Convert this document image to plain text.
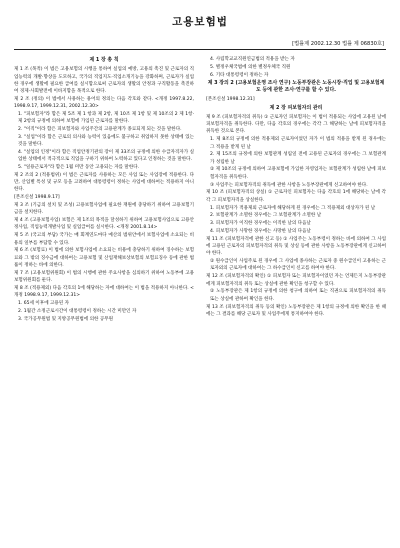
고용보험법
[법률제 2002.12.30 법률 제 06830호]
제 1 장 총 칙
제 1 조 (목적) 이 법은 고용보험의 시행을 통하여 실업의 예방, 고용의 촉진 및 근로자의 직업능력의 개발·향상을 도모하고, 국가의 직업지도·직업소개기능을 강화하며, 근로자가 실업한 경우에 생활에 필요한 급여를 실시함으로써 근로자의 생활의 안정과 구직활동을 촉진하여 경제·사회발전에 이바지함을 목적으로 한다.
제 2 조 (정의) 이 법에서 사용하는 용어의 정의는 다음 각호와 같다. <개정 1997.8.22, 1998.9.17, 1999.12.31, 2002.12.30>
1. "피보험자"라 함은 제 5조 제 1 항과 제 2항, 제 10조 제 1항 및 제 10조의 2 제 1항·제 2항의 규정에 의하여 보험에 가입된 근로자를 말한다.
2. "이직"이라 함은 피보험자와 사업주간의 고용관계가 종료되게 되는 것을 말한다.
3. "실업"이라 함은 근로의 의사와 능력이 있음에도 불구하고 취업하지 못한 상태에 있는 것을 말한다.
4. "실업의 인정"이라 함은 직업안정기관의 장이 제 33조의 규정에 의한 수급자격자가 실업한 상태에서 적극적으로 직업을 구하기 위하여 노력하고 있다고 인정하는 것을 말한다.
5. "일용근로자"라 함은 1월 미만 동안 고용되는 자를 말한다.
제 2 조의 2 (적용범위) 이 법은 근로자를 사용하는 모든 사업 또는 사업장에 적용한다. 다만, 산업별 특성 및 규모 등을 고려하여 대통령령이 정하는 사업에 대하여는 적용하지 아니한다.
[본조신설 1998.9.17]
제 3 조 (기금의 설치 및 조성) 고용보험사업에 필요한 재원에 충당하기 위하여 고용보험기금을 설치한다.
제 4 조 (고용보험사업) 보험은 제 1조의 목적을 달성하기 위하여 고용보험사업으로 고용안정사업, 직업능력개발사업 및 실업급여를 실시한다. <개정 2001.8.14>
제 5 조 (국고의 부담) 국가는 매 회계연도마다 예산의 범위안에서 보험사업에 소요되는 비용의 일부를 부담할 수 있다.
제 6 조 (보험료) 이 법에 의한 보험사업에 소요되는 비용에 충당하기 위하여 징수하는 보험료와 그 밖의 징수금에 대하여는 고용보험 및 산업재해보상보험의 보험료징수 등에 관한 법률이 정하는 바에 의한다.
제 7 조 (고용보험위원회) 이 법의 시행에 관한 주요사항을 심의하기 위하여 노동부에 고용보험위원회를 둔다.
제 8 조 (적용제외) 다음 각호의 1에 해당하는 자에 대하여는 이 법을 적용하지 아니한다. <개정 1998.9.17, 1999.12.31>
1. 65세 이후에 고용된 자
2. 1월간 소정근로시간이 대통령령이 정하는 시간 미만인 자
3. 국가공무원법 및 지방공무원법에 의한 공무원
4. 사립학교교직원연금법의 적용을 받는 자
5. 별정우체국법에 의한 별정우체국 직원
6. 기타 대통령령이 정하는 자
제 3 장의 2 (고용보험운영 조사 연구) 노동부장관은 노동시장·직업 및 고용보험제도 등에 관한 조사·연구를 할 수 있다.
[본조신설 1998.12.31]
제 2 장 피보험자의 관리
제 9 조 (피보험자격의 취득) ① 근로자인 피보험자는 이 법이 적용되는 사업에 고용된 날에 피보험자격을 취득한다. 다만, 다음 각호의 경우에는 각각 그 해당하는 날에 피보험자격을 취득한 것으로 본다.
1. 제 8조의 규정에 의한 적용제외 근로자이었던 자가 이 법의 적용을 받게 된 경우에는 그 적용을 받게 된 날
2. 제 15조의 규정에 의한 보험관계 성립일 전에 고용된 근로자의 경우에는 그 보험관계가 성립한 날
② 제 10조의 규정에 의하여 고용보험에 가입한 자영업자는 보험관계가 성립한 날에 피보험자격을 취득한다.
③ 사업주는 피보험자격의 취득에 관한 사항을 노동부장관에게 신고하여야 한다.
제 10 조 (피보험자격의 상실) ① 근로자인 피보험자는 다음 각호의 1에 해당하는 날에 각각 그 피보험자격을 상실한다.
1. 피보험자가 적용제외 근로자에 해당하게 된 경우에는 그 적용제외 대상자가 된 날
2. 보험관계가 소멸한 경우에는 그 보험관계가 소멸한 날
3. 피보험자가 이직한 경우에는 이직한 날의 다음날
4. 피보험자가 사망한 경우에는 사망한 날의 다음날
제 11 조 (피보험자격에 관한 신고 등) ① 사업주는 노동부령이 정하는 바에 의하여 그 사업에 고용된 근로자의 피보험자격의 취득 및 상실 등에 관한 사항을 노동부장관에게 신고하여야 한다.
② 원수급인이 사업주로 된 경우에 그 사업에 종사하는 근로자 중 원수급인이 고용하는 근로자외의 근로자에 대하여는 그 하수급인이 신고를 하여야 한다.
제 12 조 (피보험자격의 확인) ① 피보험자 또는 피보험자이었던 자는 언제든지 노동부장관에게 피보험자격의 취득 또는 상실에 관한 확인을 청구할 수 있다.
② 노동부장관은 제 1항의 규정에 의한 청구에 의하여 또는 직권으로 피보험자격의 취득 또는 상실에 관하여 확인을 한다.
제 13 조 (피보험자격의 취득 등의 확인) 노동부장관은 제 1항의 규정에 의한 확인을 한 때에는 그 결과를 해당 근로자 및 사업주에게 통지하여야 한다.
